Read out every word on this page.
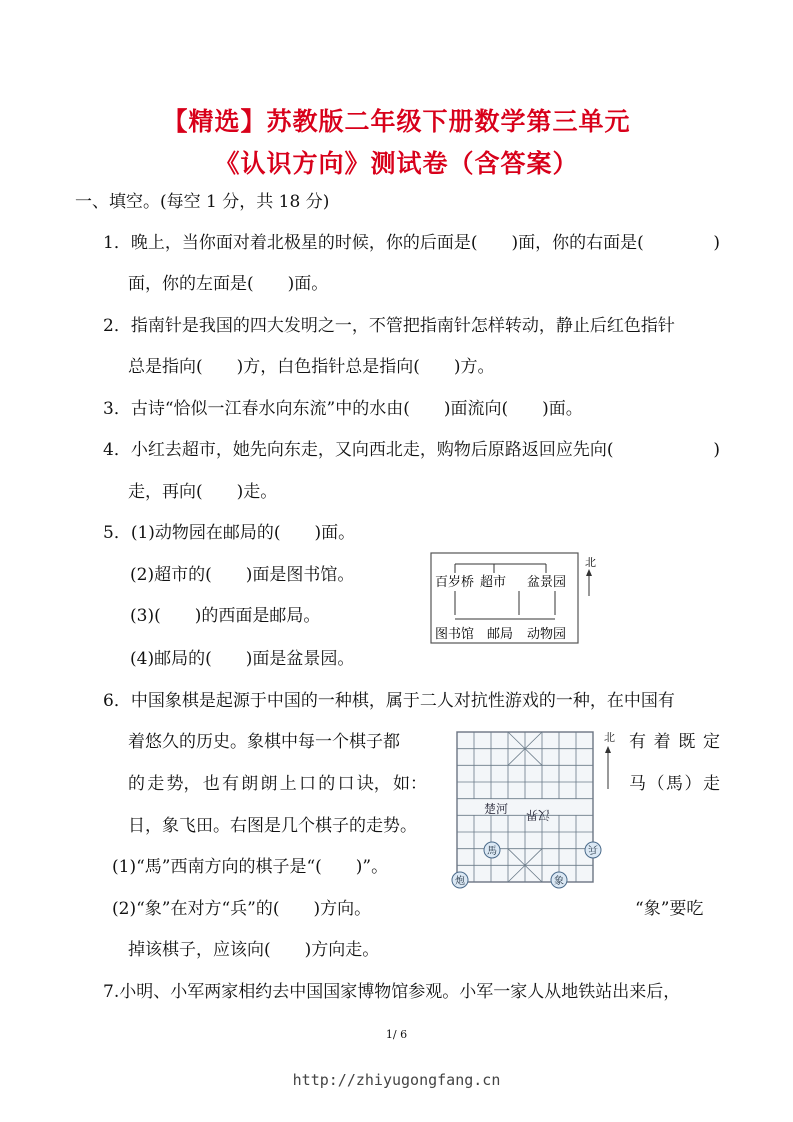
【精选】苏教版二年级下册数学第三单元
《认识方向》测试卷（含答案）
一、填空。(每空 1 分，共 18 分)
1．晚上，当你面对着北极星的时候，你的后面是(　　)面，你的右面是(	)
面，你的左面是(　　)面。
2．指南针是我国的四大发明之一，不管把指南针怎样转动，静止后红色指针
总是指向(　　)方，白色指针总是指向(　　)方。
3．古诗“恰似一江春水向东流”中的水由(　　)面流向(　　)面。
4．小红去超市，她先向东走，又向西北走，购物后原路返回应先向(	)
走，再向(　　)走。
5．(1)动物园在邮局的(　　)面。
(2)超市的(　　)面是图书馆。
(3)(　　)的西面是邮局。
(4)邮局的(　　)面是盆景园。
百岁桥 超市 盆景园
图书馆 邮局 动物园
北
6．中国象棋是起源于中国的一种棋，属于二人对抗性游戏的一种，在中国有
着悠久的历史。象棋中每一个棋子都	有 着 既 定
的 走 势， 也 有 朗 朗 上 口 的 口 诀， 如：	马 （ 馬 ） 走
日，象飞田。右图是几个棋子的走势。
(1)“馬”西南方向的棋子是“(　　)”。
(2)“象”在对方“兵”的(　　)方向。	“象”要吃
掉该棋子，应该向(　　)方向走。
楚河 汉界
馬	兵
炮	象
北
7.小明、小军两家相约去中国国家博物馆参观。小军一家人从地铁站出来后，
1/ 6
http://zhiyugongfang.cn
